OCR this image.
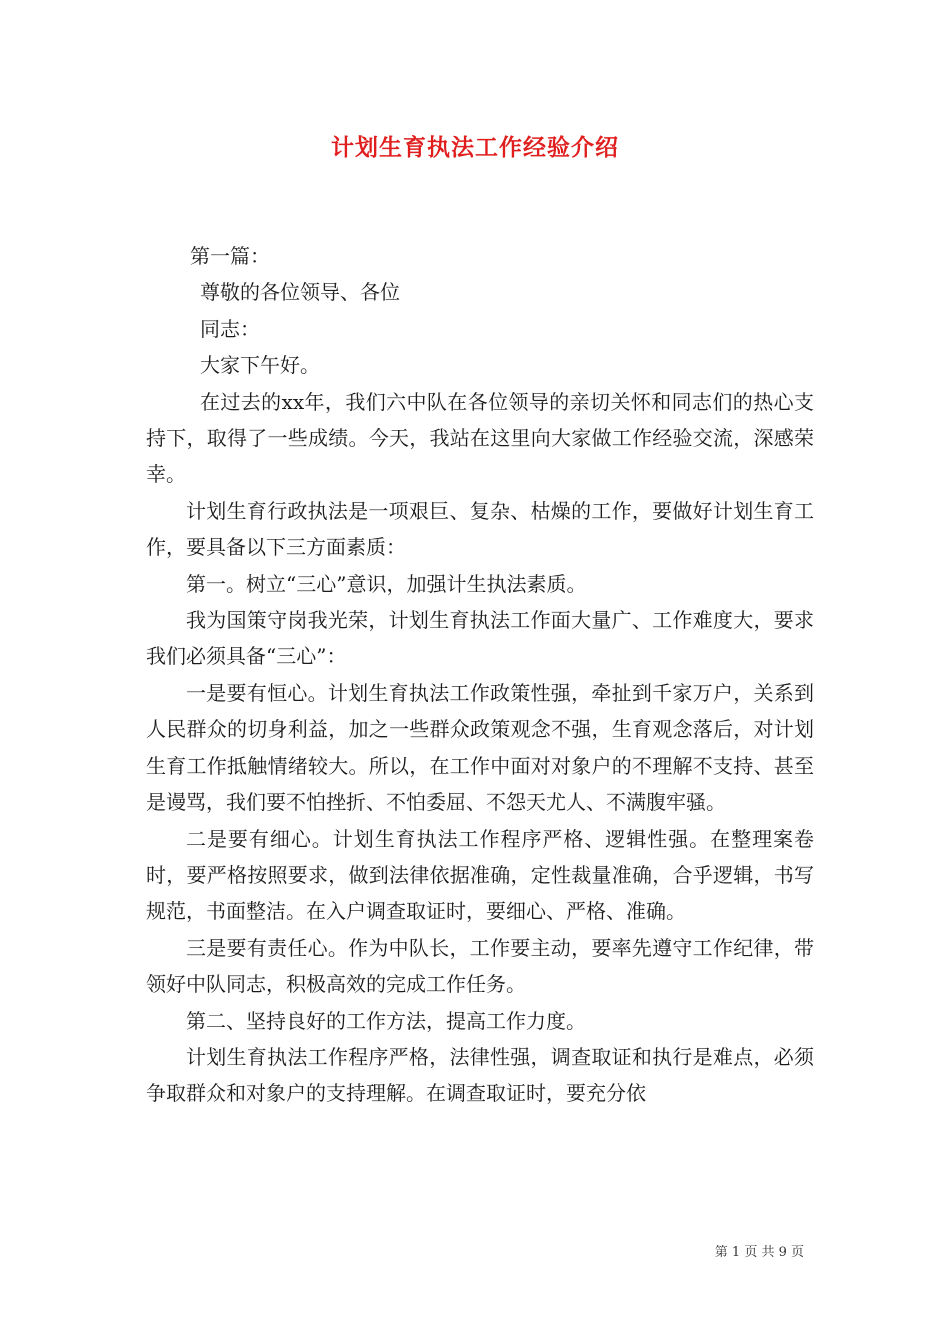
计划生育执法工作经验介绍

第一篇：

尊敬的各位领导、各位

同志：

大家下午好。

在过去的xx年，我们六中队在各位领导的亲切关怀和同志们的热心支持下，取得了一些成绩。今天，我站在这里向大家做工作经验交流，深感荣幸。

计划生育行政执法是一项艰巨、复杂、枯燥的工作，要做好计划生育工作，要具备以下三方面素质：

第一。树立“三心”意识，加强计生执法素质。

我为国策守岗我光荣，计划生育执法工作面大量广、工作难度大，要求我们必须具备“三心”：

一是要有恒心。计划生育执法工作政策性强，牵扯到千家万户，关系到人民群众的切身利益，加之一些群众政策观念不强，生育观念落后，对计划生育工作抵触情绪较大。所以，在工作中面对对象户的不理解不支持、甚至是谩骂，我们要不怕挫折、不怕委屈、不怨天尤人、不满腹牢骚。

二是要有细心。计划生育执法工作程序严格、逻辑性强。在整理案卷时，要严格按照要求，做到法律依据准确，定性裁量准确，合乎逻辑，书写规范，书面整洁。在入户调查取证时，要细心、严格、准确。

三是要有责任心。作为中队长，工作要主动，要率先遵守工作纪律，带领好中队同志，积极高效的完成工作任务。

第二、坚持良好的工作方法，提高工作力度。

计划生育执法工作程序严格，法律性强，调查取证和执行是难点，必须争取群众和对象户的支持理解。在调查取证时，要充分依

第 1 页 共 9 页
